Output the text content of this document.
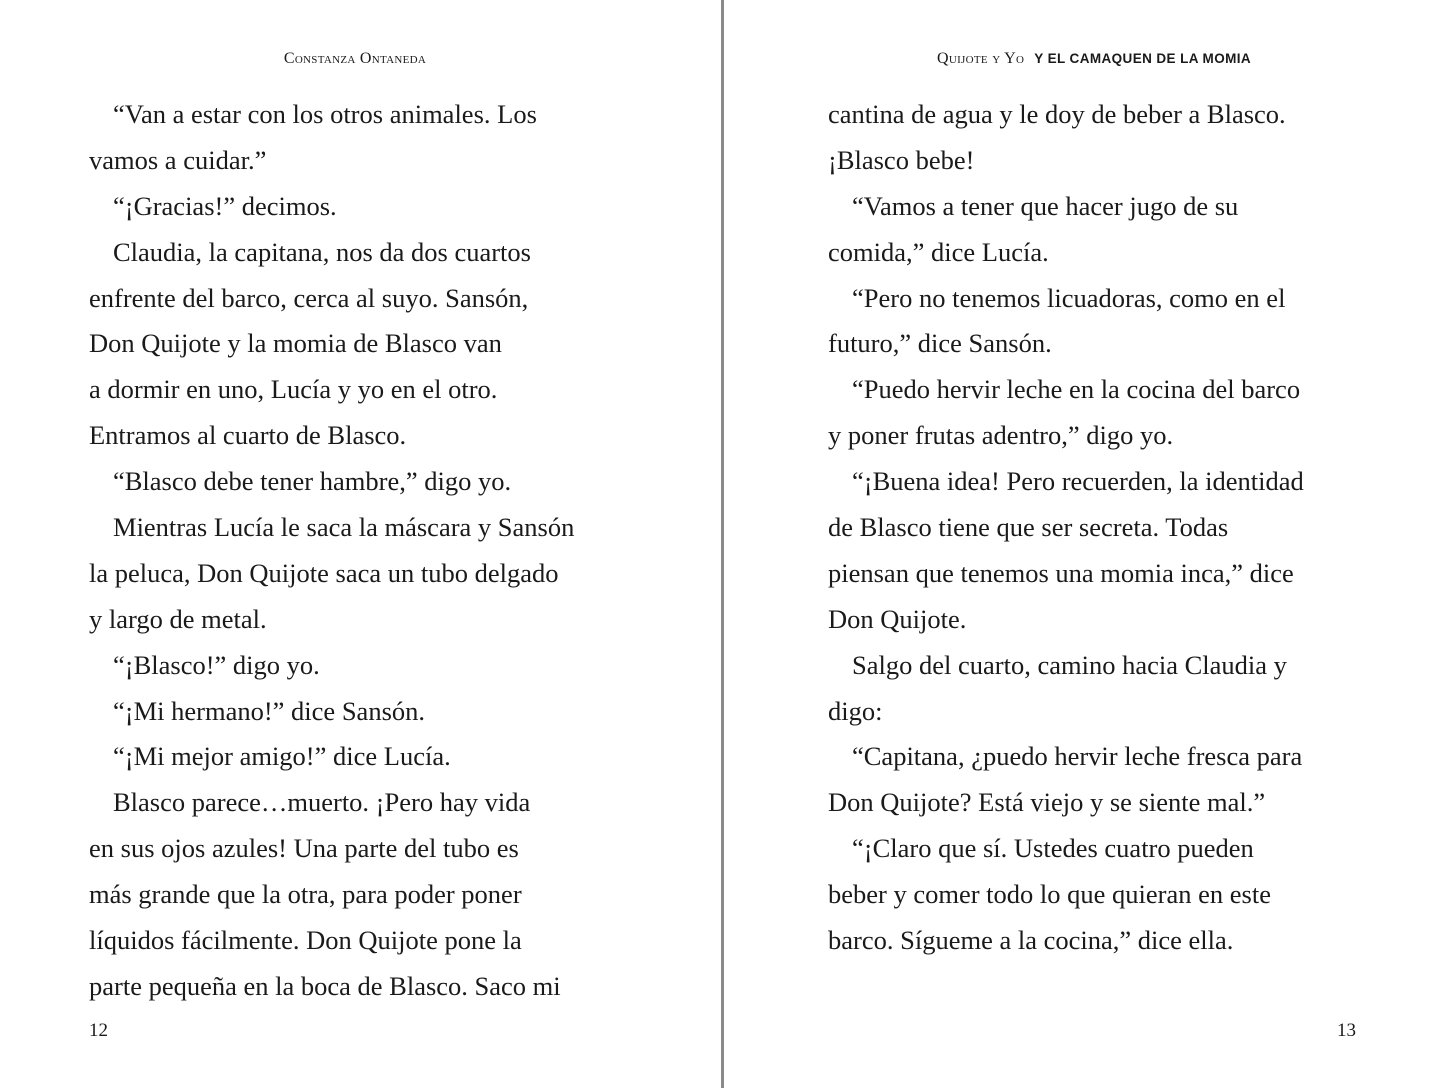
Constanza Ontaneda
“Van a estar con los otros animales. Los
vamos a cuidar.”
“¡Gracias!” decimos.
Claudia, la capitana, nos da dos cuartos
enfrente del barco, cerca al suyo. Sansón,
Don Quijote y la momia de Blasco van
a dormir en uno, Lucía y yo en el otro.
Entramos al cuarto de Blasco.
“Blasco debe tener hambre,” digo yo.
Mientras Lucía le saca la máscara y Sansón
la peluca, Don Quijote saca un tubo delgado
y largo de metal.
“¡Blasco!” digo yo.
“¡Mi hermano!” dice Sansón.
“¡Mi mejor amigo!” dice Lucía.
Blasco parece…muerto. ¡Pero hay vida
en sus ojos azules! Una parte del tubo es
más grande que la otra, para poder poner
líquidos fácilmente. Don Quijote pone la
parte pequeña en la boca de Blasco. Saco mi
12
Quijote y Yo Y EL CAMAQUEN DE LA MOMIA
cantina de agua y le doy de beber a Blasco.
¡Blasco bebe!
“Vamos a tener que hacer jugo de su
comida,” dice Lucía.
“Pero no tenemos licuadoras, como en el
futuro,” dice Sansón.
“Puedo hervir leche en la cocina del barco
y poner frutas adentro,” digo yo.
“¡Buena idea! Pero recuerden, la identidad
de Blasco tiene que ser secreta. Todas
piensan que tenemos una momia inca,” dice
Don Quijote.
Salgo del cuarto, camino hacia Claudia y
digo:
“Capitana, ¿puedo hervir leche fresca para
Don Quijote? Está viejo y se siente mal.”
“¡Claro que sí. Ustedes cuatro pueden
beber y comer todo lo que quieran en este
barco. Sígueme a la cocina,” dice ella.
13
